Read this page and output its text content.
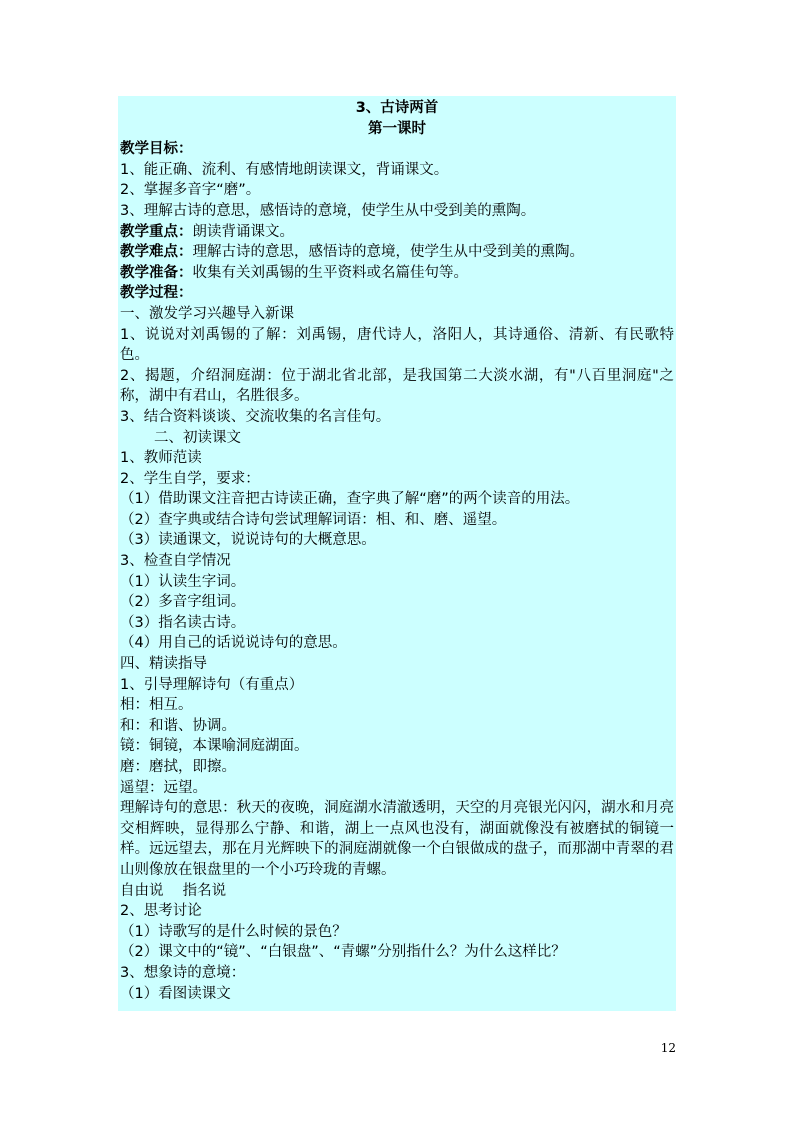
3、古诗两首
第一课时
教学目标：
1、能正确、流利、有感情地朗读课文，背诵课文。
2、掌握多音字“磨”。
3、理解古诗的意思，感悟诗的意境，使学生从中受到美的熏陶。
教学重点：朗读背诵课文。
教学难点：理解古诗的意思，感悟诗的意境，使学生从中受到美的熏陶。
教学准备：收集有关刘禹锡的生平资料或名篇佳句等。
教学过程：
一、激发学习兴趣导入新课
1、说说对刘禹锡的了解：刘禹锡，唐代诗人，洛阳人，其诗通俗、清新、有民歌特色。
2、揭题，介绍洞庭湖：位于湖北省北部，是我国第二大淡水湖，有"八百里洞庭"之称，湖中有君山，名胜很多。
3、结合资料谈谈、交流收集的名言佳句。
二、初读课文
1、教师范读
2、学生自学，要求：
（1）借助课文注音把古诗读正确，查字典了解“磨”的两个读音的用法。
（2）查字典或结合诗句尝试理解词语：相、和、磨、遥望。
（3）读通课文，说说诗句的大概意思。
3、检查自学情况
（1）认读生字词。
（2）多音字组词。
（3）指名读古诗。
（4）用自己的话说说诗句的意思。
四、精读指导
1、引导理解诗句（有重点）
相：相互。
和：和谐、协调。
镜：铜镜，本课喻洞庭湖面。
磨：磨拭，即擦。
遥望：远望。
理解诗句的意思：秋天的夜晚，洞庭湖水清澈透明，天空的月亮银光闪闪，湖水和月亮交相辉映，显得那么宁静、和谐，湖上一点风也没有，湖面就像没有被磨拭的铜镜一样。远远望去，那在月光辉映下的洞庭湖就像一个白银做成的盘子，而那湖中青翠的君山则像放在银盘里的一个小巧玲珑的青螺。
自由说　 指名说
2、思考讨论
（1）诗歌写的是什么时候的景色？
（2）课文中的“镜”、“白银盘”、“青螺”分别指什么？为什么这样比？
3、想象诗的意境：
（1）看图读课文
12
